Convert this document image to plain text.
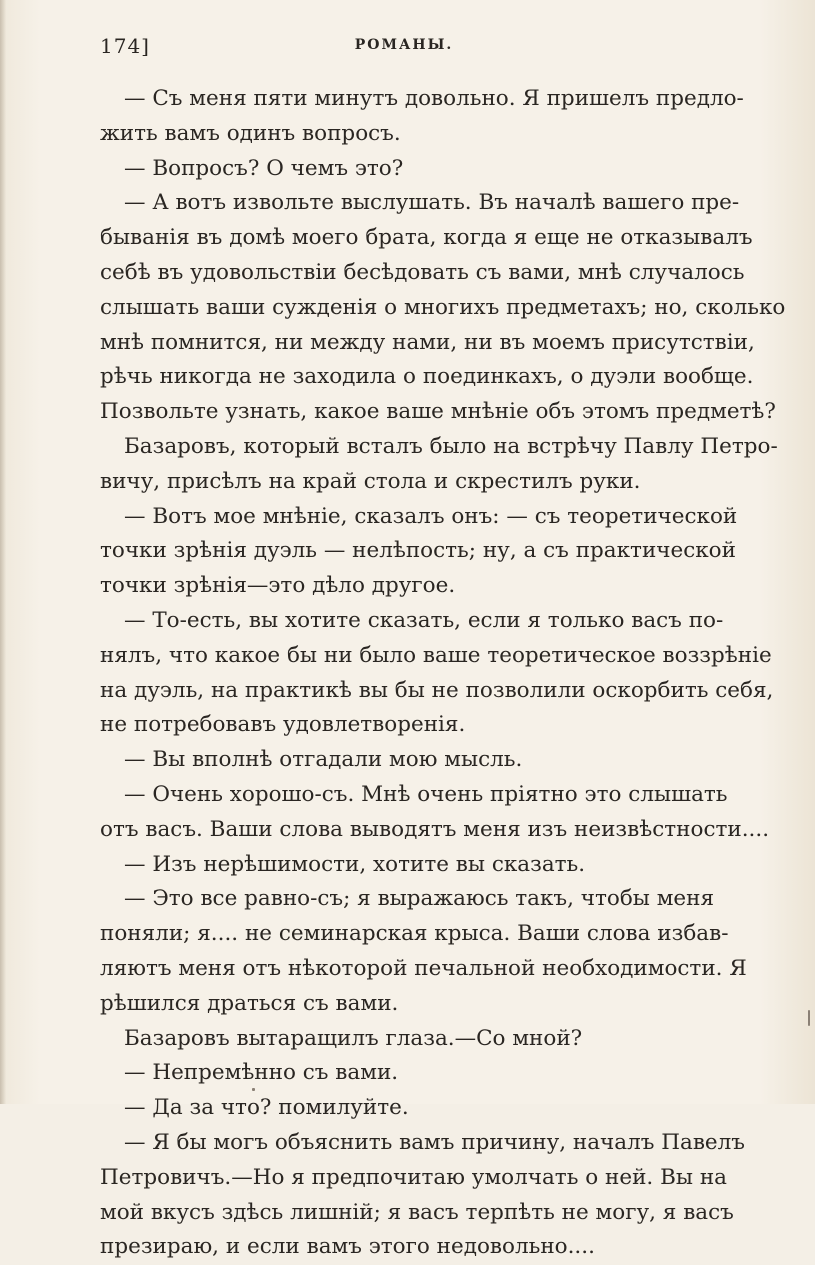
174]	РОМАНЫ.
— Съ меня пяти минутъ довольно. Я пришелъ предло-
жить вамъ одинъ вопросъ.
— Вопросъ? О чемъ это?
— А вотъ извольте выслушать. Въ началѣ вашего пре-
быванія въ домѣ моего брата, когда я еще не отказывалъ
себѣ въ удовольствіи бесѣдовать съ вами, мнѣ случалось
слышать ваши сужденія о многихъ предметахъ; но, сколько
мнѣ помнится, ни между нами, ни въ моемъ присутствіи,
рѣчь никогда не заходила о поединкахъ, о дуэли вообще.
Позвольте узнать, какое ваше мнѣніе объ этомъ предметѣ?
Базаровъ, который всталъ было на встрѣчу Павлу Петро-
вичу, присѣлъ на край стола и скрестилъ руки.
— Вотъ мое мнѣніе, сказалъ онъ: — съ теоретической
точки зрѣнія дуэль — нелѣпость; ну, а съ практической
точки зрѣнія—это дѣло другое.
— То-есть, вы хотите сказать, если я только васъ по-
нялъ, что какое бы ни было ваше теоретическое воззрѣніе
на дуэль, на практикѣ вы бы не позволили оскорбить себя,
не потребовавъ удовлетворенія.
— Вы вполнѣ отгадали мою мысль.
— Очень хорошо-съ. Мнѣ очень пріятно это слышать
отъ васъ. Ваши слова выводятъ меня изъ неизвѣстности....
— Изъ нерѣшимости, хотите вы сказать.
— Это все равно-съ; я выражаюсь такъ, чтобы меня
поняли; я.... не семинарская крыса. Ваши слова избав-
ляютъ меня отъ нѣкоторой печальной необходимости. Я
рѣшился драться съ вами.
Базаровъ вытаращилъ глаза.—Со мной?
— Непремѣнно съ вами.
— Да за что? помилуйте.
— Я бы могъ объяснить вамъ причину, началъ Павелъ
Петровичъ.—Но я предпочитаю умолчать о ней. Вы на
мой вкусъ здѣсь лишній; я васъ терпѣть не могу, я васъ
презираю, и если вамъ этого недовольно....
